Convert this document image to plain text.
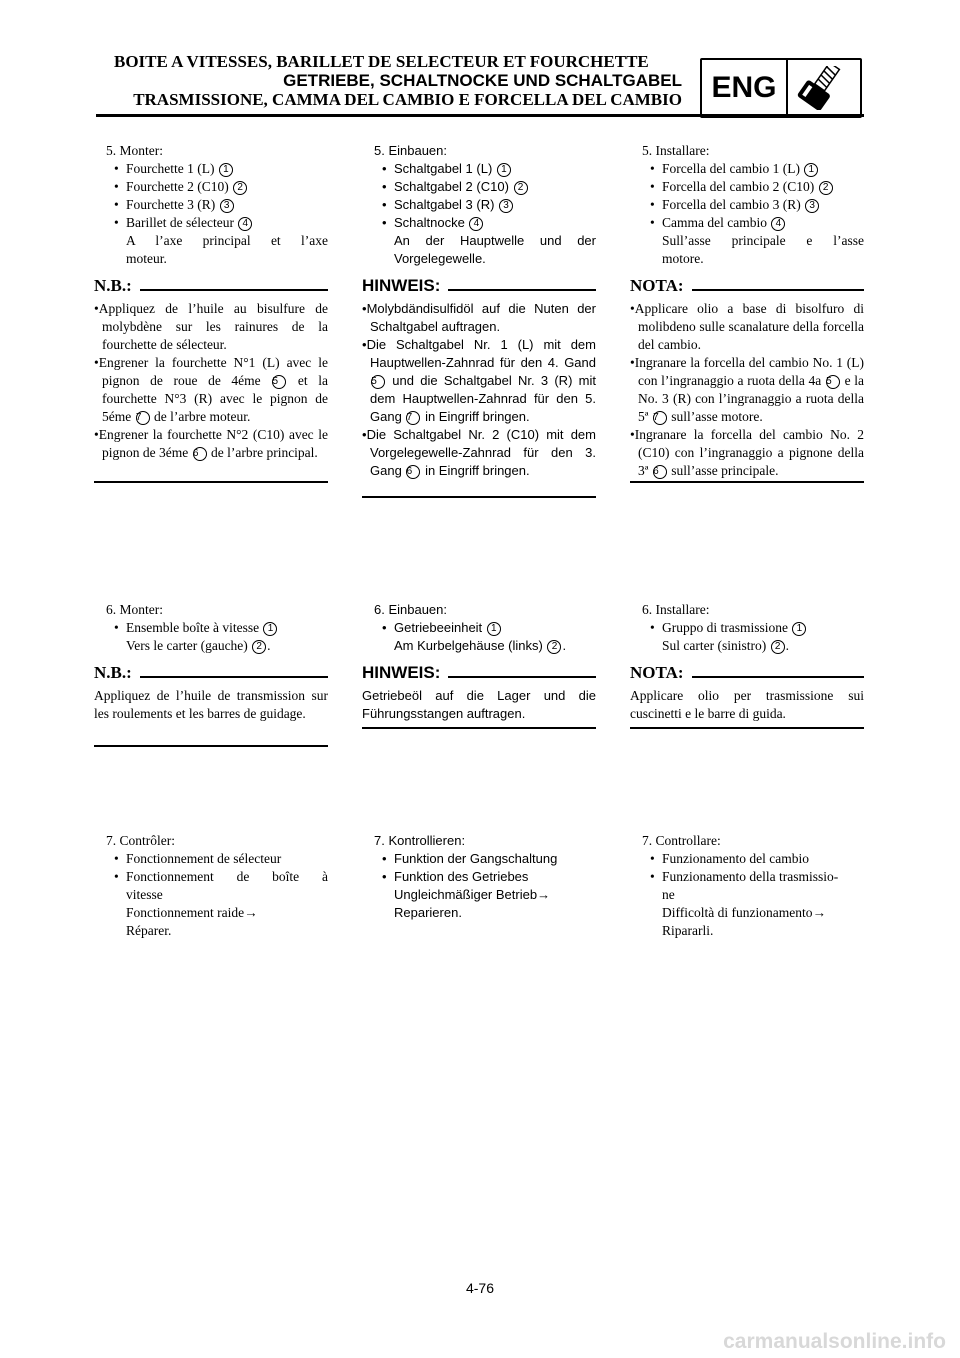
BOITE A VITESSES, BARILLET DE SELECTEUR ET FOURCHETTE
GETRIEBE, SCHALTNOCKE UND SCHALTGABEL
TRASMISSIONE, CAMMA DEL CAMBIO E FORCELLA DEL CAMBIO ENG
5. Monter:
• Fourchette 1 (L) 1
• Fourchette 2 (C10) 2
• Fourchette 3 (R) 3
• Barillet de sélecteur 4
A l’axe principal et l’axe
moteur.
N.B.:
•Appliquez de l’huile au bisulfure de molybdène sur les rainures de la fourchette de sélecteur.
•Engrener la fourchette N°1 (L) avec le pignon de roue de 4éme 5 et la fourchette N°3 (R) avec le pignon de 5éme 7 de l’arbre moteur.
•Engrener la fourchette N°2 (C10) avec le pignon de 3éme 6 de l’arbre principal.
5. Einbauen:
• Schaltgabel 1 (L) 1
• Schaltgabel 2 (C10) 2
• Schaltgabel 3 (R) 3
• Schaltnocke 4
An der Hauptwelle und der
Vorgelegewelle.
HINWEIS:
•Molybdändisulfidöl auf die Nuten der Schaltgabel auftragen.
•Die Schaltgabel Nr. 1 (L) mit dem Hauptwellen-Zahnrad für den 4. Gand 5 und die Schaltgabel Nr. 3 (R) mit dem Hauptwellen-Zahnrad für den 5. Gang 7 in Eingriff bringen.
•Die Schaltgabel Nr. 2 (C10) mit dem Vorgelegewelle-Zahnrad für den 3. Gang 6 in Eingriff bringen.
5. Installare:
• Forcella del cambio 1 (L) 1
• Forcella del cambio 2 (C10) 2
• Forcella del cambio 3 (R) 3
• Camma del cambio 4
Sull’asse principale e l’asse
motore.
NOTA:
•Applicare olio a base di bisolfuro di molibdeno sulle scanalature della forcella del cambio.
•Ingranare la forcella del cambio No. 1 (L) con l’ingranaggio a ruota della 4a 5 e la No. 3 (R) con l’ingranaggio a ruota della 5ª 7 sull’asse motore.
•Ingranare la forcella del cambio No. 2 (C10) con l’ingranaggio a pignone della 3ª 6 sull’asse principale.
6. Monter:
• Ensemble boîte à vitesse 1
Vers le carter (gauche) 2 .
N.B.:
Appliquez de l’huile de transmission sur les roulements et les barres de guidage.
6. Einbauen:
• Getriebeeinheit 1
Am Kurbelgehäuse (links) 2 .
HINWEIS:
Getriebeöl auf die Lager und die Führungsstangen auftragen.
6. Installare:
• Gruppo di trasmissione 1
Sul carter (sinistro) 2 .
NOTA:
Applicare olio per trasmissione sui cuscinetti e le barre di guida.
7. Contrôler:
• Fonctionnement de sélecteur
• Fonctionnement de boîte à
vitesse
Fonctionnement raide→
Réparer.
7. Kontrollieren:
• Funktion der Gangschaltung
• Funktion des Getriebes
Ungleichmäßiger Betrieb→
Reparieren.
7. Controllare:
• Funzionamento del cambio
• Funzionamento della trasmissio-
ne
Difficoltà di funzionamento→
Ripararli.
4-76
carmanualsonline.info
